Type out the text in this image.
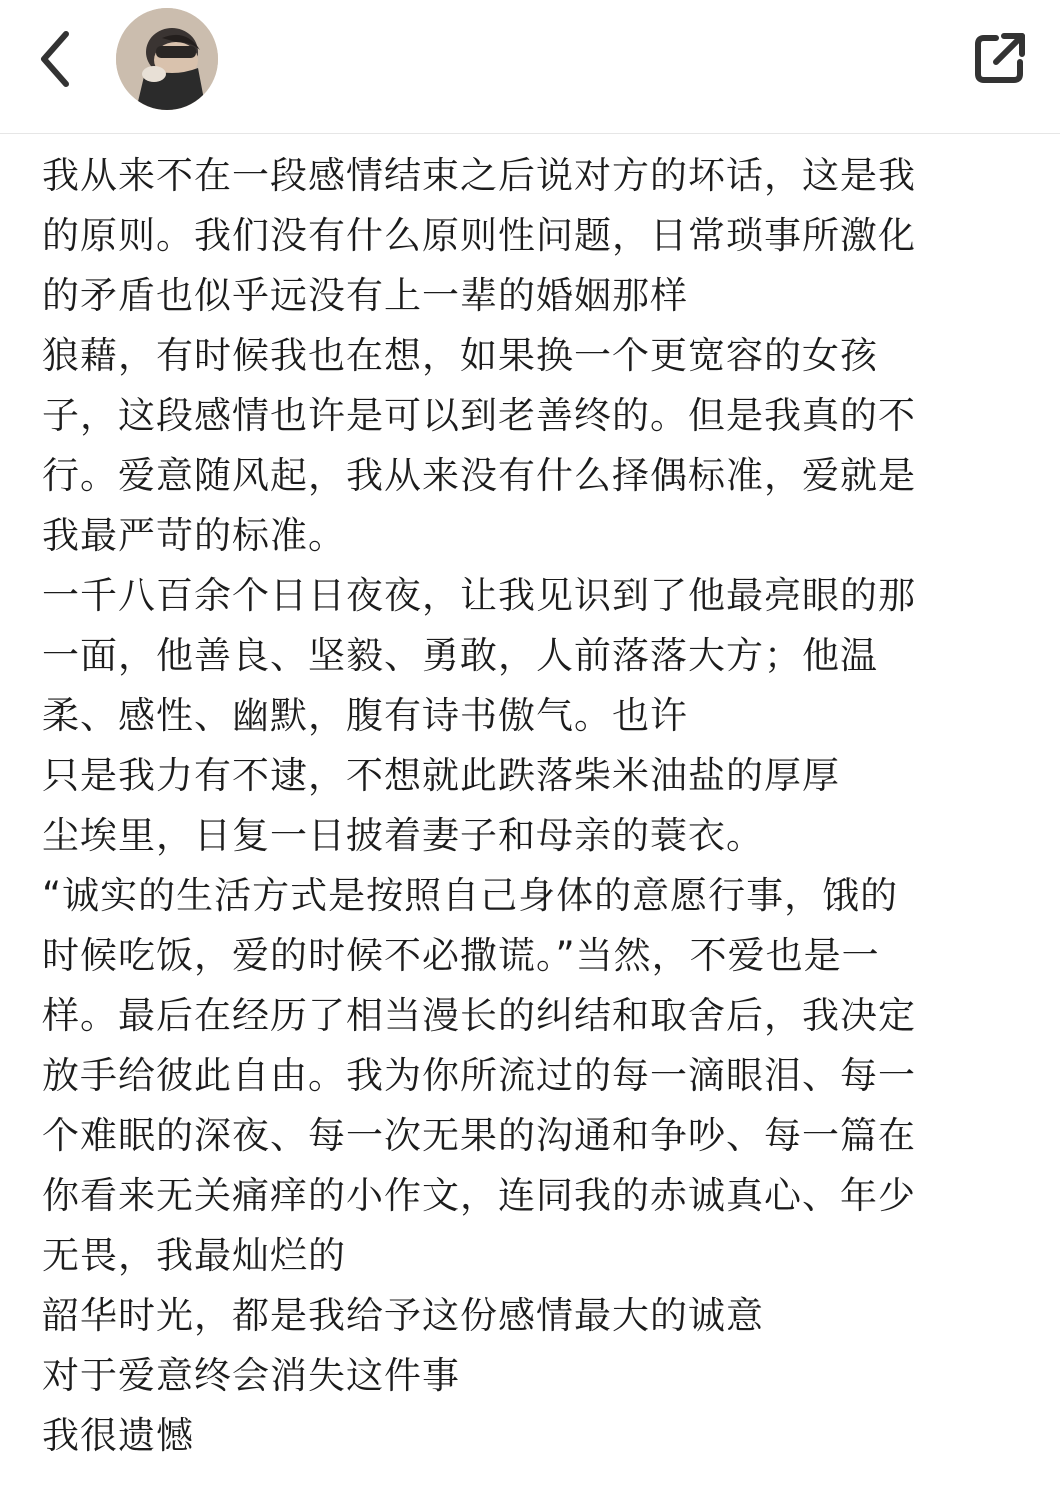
我从来不在一段感情结束之后说对方的坏话，这是我
的原则。我们没有什么原则性问题，日常琐事所激化
的矛盾也似乎远没有上一辈的婚姻那样
狼藉，有时候我也在想，如果换一个更宽容的女孩
子，这段感情也许是可以到老善终的。但是我真的不
行。爱意随风起，我从来没有什么择偶标准，爱就是
我最严苛的标准。
一千八百余个日日夜夜，让我见识到了他最亮眼的那
一面，他善良、坚毅、勇敢，人前落落大方；他温
柔、感性、幽默，腹有诗书傲气。也许
只是我力有不逮，不想就此跌落柴米油盐的厚厚
尘埃里，日复一日披着妻子和母亲的蓑衣。
“诚实的生活方式是按照自己身体的意愿行事，饿的
时候吃饭，爱的时候不必撒谎。”当然，不爱也是一
样。最后在经历了相当漫长的纠结和取舍后，我决定
放手给彼此自由。我为你所流过的每一滴眼泪、每一
个难眠的深夜、每一次无果的沟通和争吵、每一篇在
你看来无关痛痒的小作文，连同我的赤诚真心、年少
无畏，我最灿烂的
韶华时光，都是我给予这份感情最大的诚意
对于爱意终会消失这件事
我很遗憾
